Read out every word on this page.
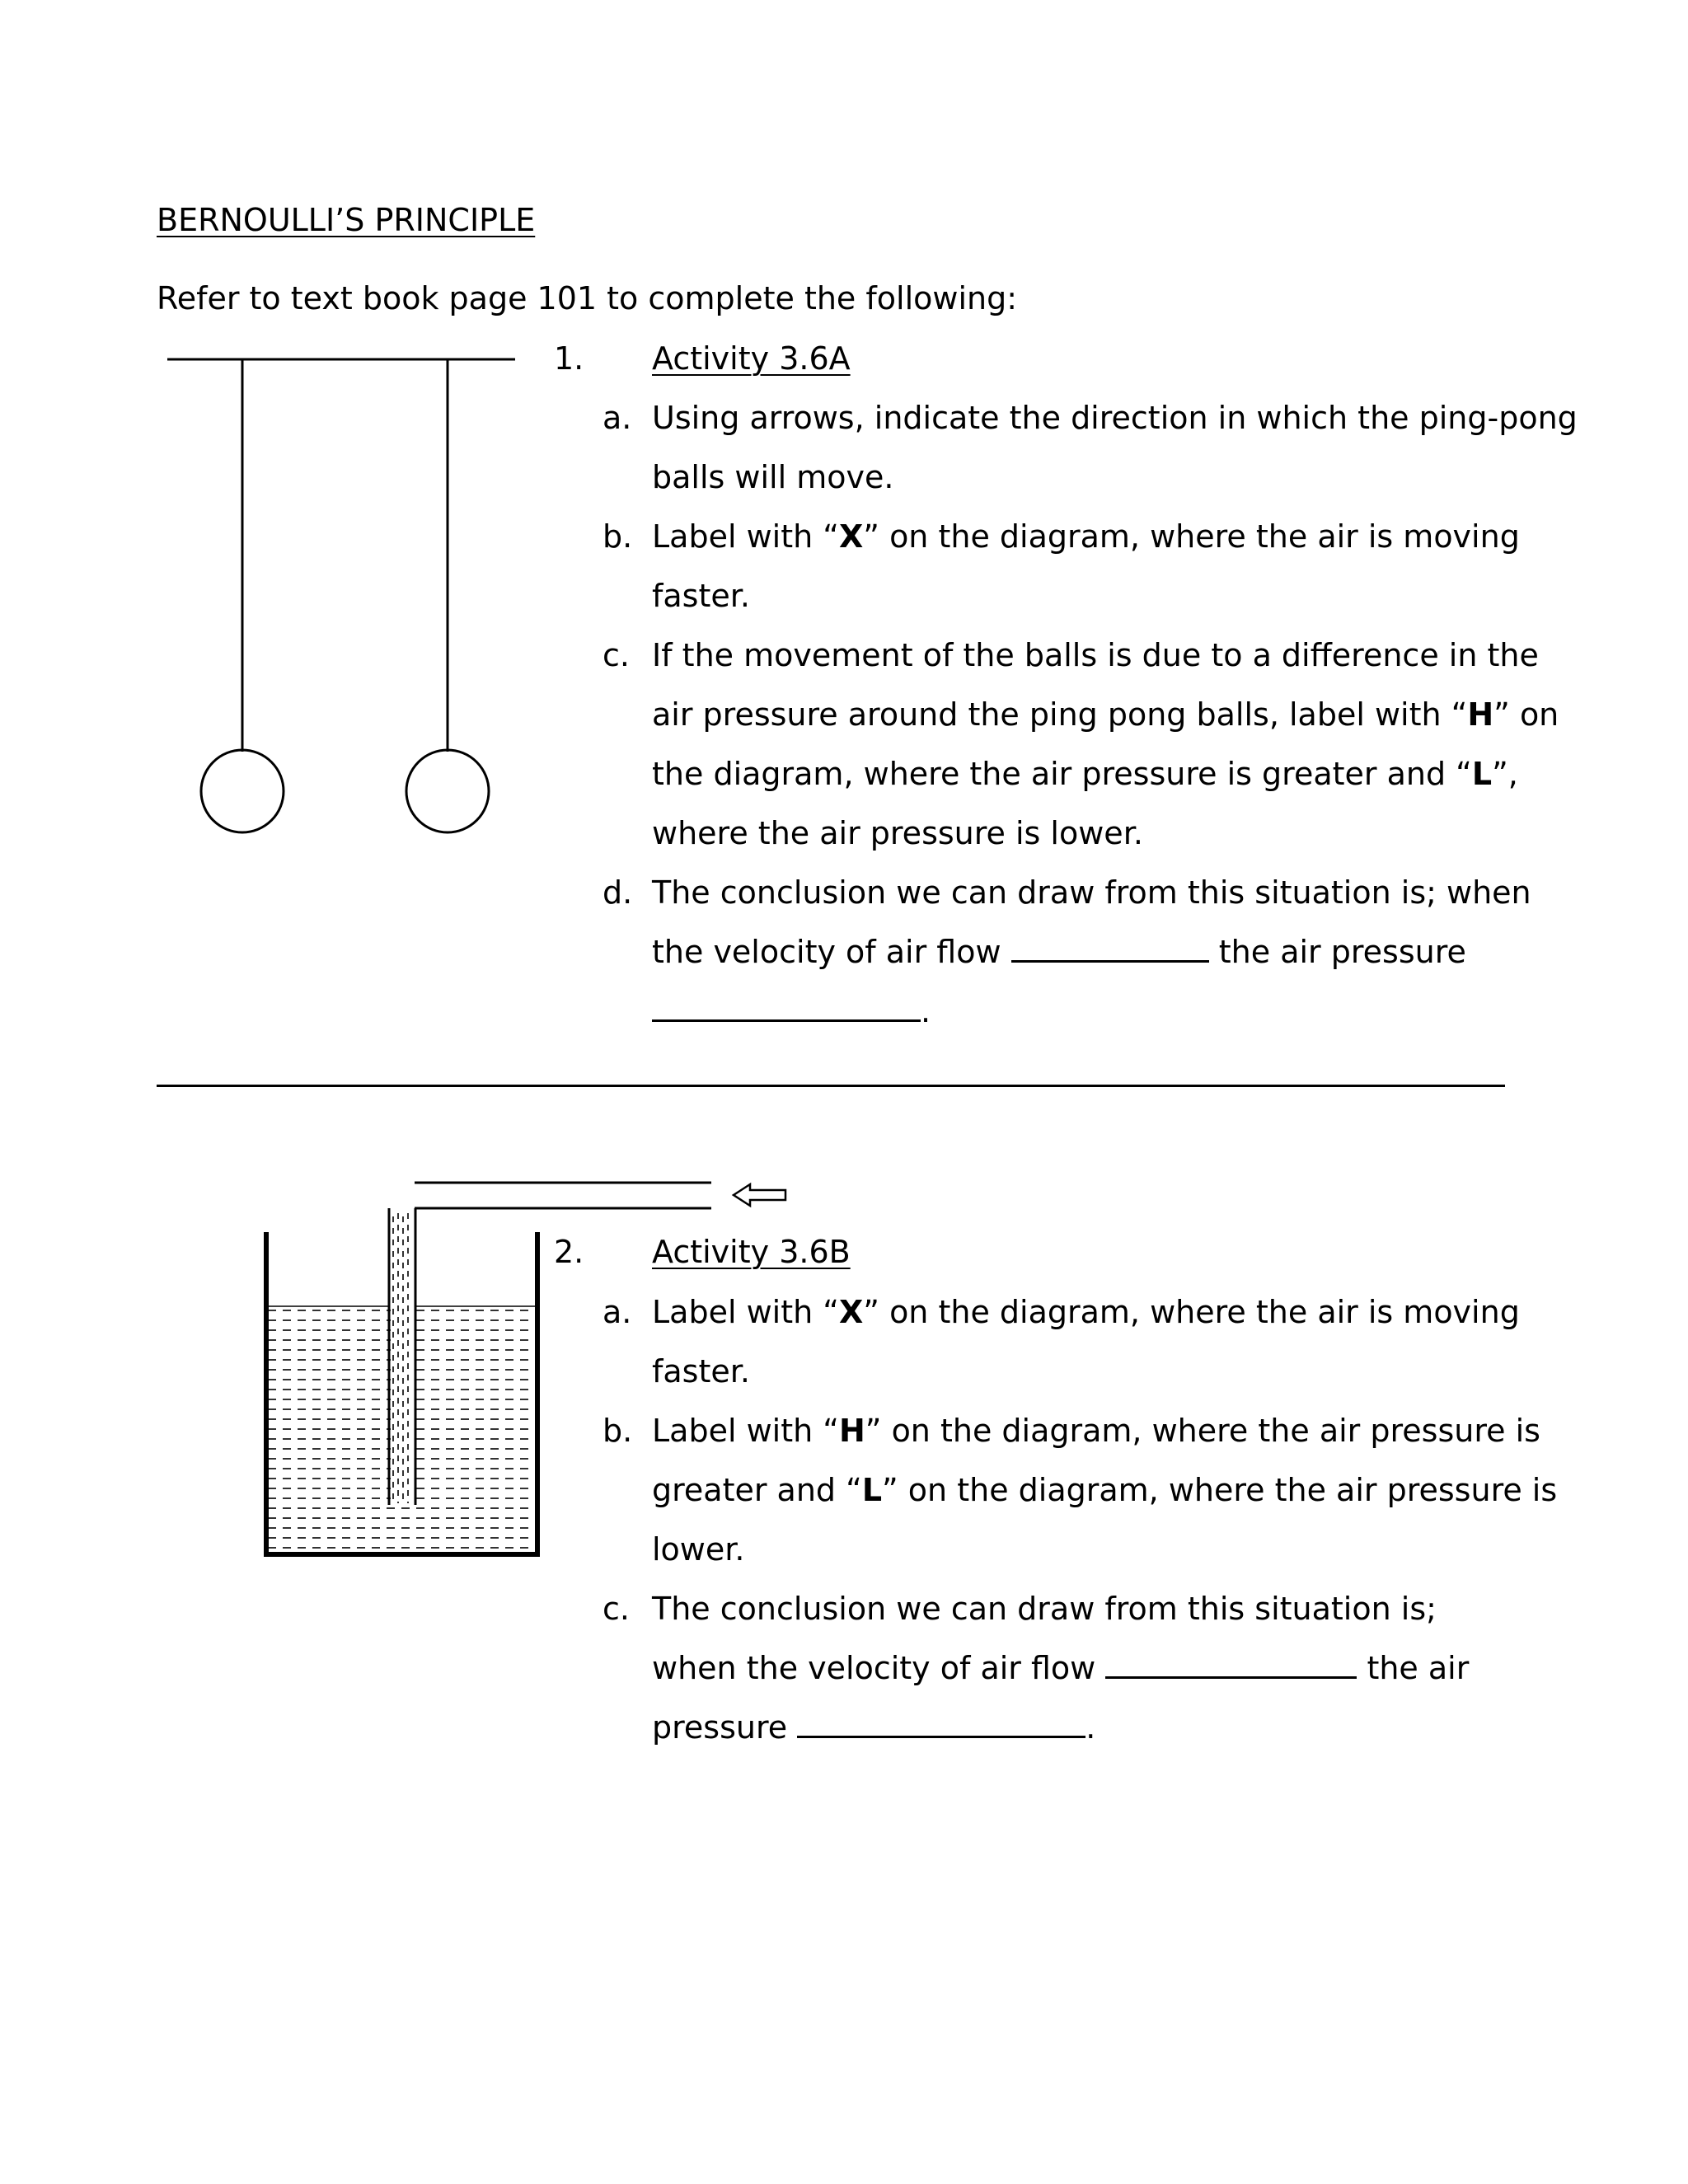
BERNOULLI’S PRINCIPLE
Refer to text book page 101 to complete the following:
1. Activity 3.6A
a. Using arrows, indicate the direction in which the ping-pong
balls will move.
b. Label with “X” on the diagram, where the air is moving
faster.
c. If the movement of the balls is due to a difference in the
air pressure around the ping pong balls, label with “H” on
the diagram, where the air pressure is greater and “L”,
where the air pressure is lower.
d. The conclusion we can draw from this situation is; when
the velocity of air flow	the air pressure
.
2. Activity 3.6B
a. Label with “X” on the diagram, where the air is moving
faster.
b. Label with “H” on the diagram, where the air pressure is
greater and “L” on the diagram, where the air pressure is
lower.
c. The conclusion we can draw from this situation is;
when the velocity of air flow	the air
pressure	.
